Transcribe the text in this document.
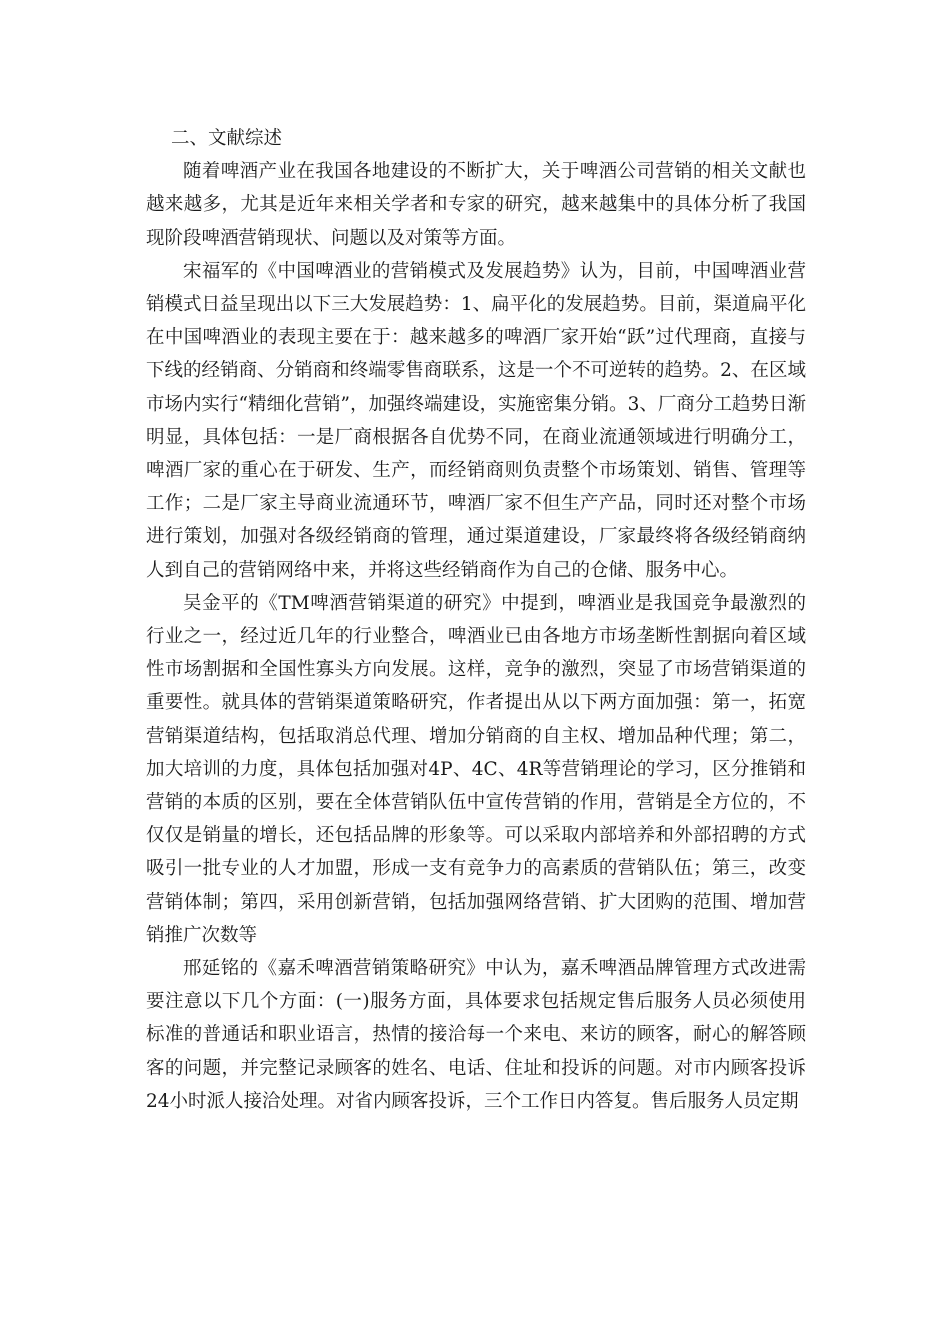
二、文献综述

随着啤酒产业在我国各地建设的不断扩大，关于啤酒公司营销的相关文献也越来越多，尤其是近年来相关学者和专家的研究，越来越集中的具体分析了我国现阶段啤酒营销现状、问题以及对策等方面。

宋福军的《中国啤酒业的营销模式及发展趋势》认为，目前，中国啤酒业营销模式日益呈现出以下三大发展趋势：1、扁平化的发展趋势。目前，渠道扁平化在中国啤酒业的表现主要在于：越来越多的啤酒厂家开始“跃”过代理商，直接与下线的经销商、分销商和终端零售商联系，这是一个不可逆转的趋势。2、在区域市场内实行“精细化营销”，加强终端建设，实施密集分销。3、厂商分工趋势日渐明显，具体包括：一是厂商根据各自优势不同，在商业流通领域进行明确分工，啤酒厂家的重心在于研发、生产，而经销商则负责整个市场策划、销售、管理等工作；二是厂家主导商业流通环节，啤酒厂家不但生产产品，同时还对整个市场进行策划，加强对各级经销商的管理，通过渠道建设，厂家最终将各级经销商纳人到自己的营销网络中来，并将这些经销商作为自己的仓储、服务中心。

吴金平的《TM啤酒营销渠道的研究》中提到，啤酒业是我国竞争最激烈的行业之一，经过近几年的行业整合，啤酒业已由各地方市场垄断性割据向着区域性市场割据和全国性寡头方向发展。这样，竞争的激烈，突显了市场营销渠道的重要性。就具体的营销渠道策略研究，作者提出从以下两方面加强：第一，拓宽营销渠道结构，包括取消总代理、增加分销商的自主权、增加品种代理；第二，加大培训的力度，具体包括加强对4P、4C、4R等营销理论的学习，区分推销和营销的本质的区别，要在全体营销队伍中宣传营销的作用，营销是全方位的，不仅仅是销量的增长，还包括品牌的形象等。可以采取内部培养和外部招聘的方式吸引一批专业的人才加盟，形成一支有竞争力的高素质的营销队伍；第三，改变营销体制；第四，采用创新营销，包括加强网络营销、扩大团购的范围、增加营销推广次数等

邢延铭的《嘉禾啤酒营销策略研究》中认为，嘉禾啤酒品牌管理方式改进需要注意以下几个方面：(一)服务方面，具体要求包括规定售后服务人员必须使用标准的普通话和职业语言，热情的接洽每一个来电、来访的顾客，耐心的解答顾客的问题，并完整记录顾客的姓名、电话、住址和投诉的问题。对市内顾客投诉24小时派人接洽处理。对省内顾客投诉，三个工作日内答复。售后服务人员定期
